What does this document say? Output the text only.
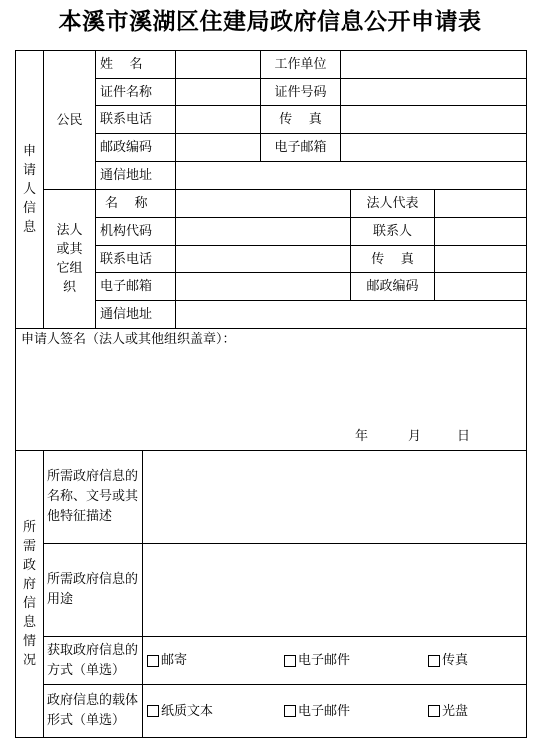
本溪市溪湖区住建局政府信息公开申请表
申请人信息
公民
姓    名	工作单位
证件名称	证件号码
联系电话	传    真
邮政编码	电子邮箱
通信地址
法人或其它组织
名    称	法人代表
机构代码	联系人
联系电话	传    真
电子邮箱	邮政编码
通信地址
申请人签名（法人或其他组织盖章）：
年	月	日
所需政府信息情况
所需政府信息的名称、文号或其他特征描述
所需政府信息的用途
获取政府信息的方式（单选）
邮寄	电子邮件	传真
政府信息的载体形式（单选）
纸质文本	电子邮件	光盘
